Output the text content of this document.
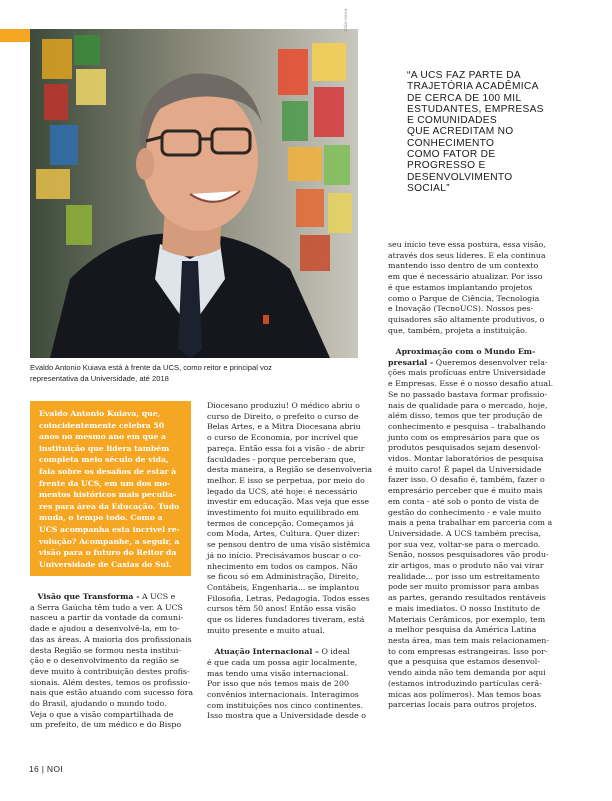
JOÃO NIHUL
Evaldo Antonio Kuiava está à frente da UCS, como reitor e principal voz
representativa da Universidade, até 2018
“A UCS FAZ PARTE DA
TRAJETÓRIA ACADÊMICA
DE CERCA DE 100 MIL
ESTUDANTES, EMPRESAS
E COMUNIDADES
QUE ACREDITAM NO
CONHECIMENTO
COMO FATOR DE
PROGRESSO E
DESENVOLVIMENTO
SOCIAL”
Evaldo Antonio Kuiava, que,
coincidentemente celebra 50
anos no mesmo ano em que a
instituição que lidera também
completa meio século de vida,
fala sobre os desafios de estar à
frente da UCS, em um dos mo-
mentos históricos mais peculia-
res para área da Educação. Tudo
muda, o tempo todo. Como a
UCS acompanha esta incrível re-
volução? Acompanhe, a seguir, a
visão para o futuro do Reitor da
Universidade de Caxias do Sul.
Visão que Transforma - A UCS e
a Serra Gaúcha têm tudo a ver. A UCS
nasceu a partir da vontade da comuni-
dade e ajudou a desenvolvê-la, em to-
das as áreas. A maioria dos profissionais
desta Região se formou nesta institui-
ção e o desenvolvimento da região se
deve muito à contribuição destes profis-
sionais. Além destes, temos os profissio-
nais que estão atuando com sucesso fora
do Brasil, ajudando o mundo todo.
Veja o que a visão compartilhada de
um prefeito, de um médico e do Bispo
Diocesano produziu! O médico abriu o
curso de Direito, o prefeito o curso de
Belas Artes, e a Mitra Diocesana abriu
o curso de Economia, por incrível que
pareça. Então essa foi a visão - de abrir
faculdades - porque perceberam que,
desta maneira, a Região se desenvolveria
melhor. E isso se perpetua, por meio do
legado da UCS, até hoje: é necessário
investir em educação. Mas veja que esse
investimento foi muito equilibrado em
termos de concepção. Começamos já
com Moda, Artes, Cultura. Quer dizer:
se pensou dentro de uma visão sistêmica
já no início. Precisávamos buscar o co-
nhecimento em todos os campos. Não
se ficou só em Administração, Direito,
Contábeis, Engenharia... se implantou
Filosofia, Letras, Pedagogia. Todos esses
cursos têm 50 anos! Então essa visão
que os líderes fundadores tiveram, está
muito presente e muito atual.
Atuação Internacional – O ideal
é que cada um possa agir localmente,
mas tendo uma visão internacional.
Por isso que nós temos mais de 200
convênios internacionais. Interagimos
com instituições nos cinco continentes.
Isso mostra que a Universidade desde o
seu início teve essa postura, essa visão,
através dos seus líderes. E ela continua
mantendo isso dentro de um contexto
em que é necessário atualizar. Por isso
é que estamos implantando projetos
como o Parque de Ciência, Tecnologia
e Inovação (TecnoUCS). Nossos pes-
quisadores são altamente produtivos, o
que, também, projeta a instituição.
Aproximação com o Mundo Em-
presarial - Queremos desenvolver rela-
ções mais profícuas entre Universidade
e Empresas. Esse é o nosso desafio atual.
Se no passado bastava formar profissio-
nais de qualidade para o mercado, hoje,
além disso, temos que ter produção de
conhecimento e pesquisa – trabalhando
junto com os empresários para que os
produtos pesquisados sejam desenvol-
vidos. Montar laboratórios de pesquisa
é muito caro! É papel da Universidade
fazer isso. O desafio é, também, fazer o
empresário perceber que é muito mais
em conta - até sob o ponto de vista de
gestão do conhecimento - e vale muito
mais a pena trabalhar em parceria com a
Universidade. A UCS também precisa,
por sua vez, voltar-se para o mercado.
Senão, nossos pesquisadores vão produ-
zir artigos, mas o produto não vai virar
realidade... por isso um estreitamento
pode ser muito promissor para ambas
as partes, gerando resultados rentáveis
e mais imediatos. O nosso Instituto de
Materiais Cerâmicos, por exemplo, tem
a melhor pesquisa da América Latina
nesta área, mas tem mais relacionamen-
to com empresas estrangeiras. Isso por-
que a pesquisa que estamos desenvol-
vendo ainda não tem demanda por aqui
(estamos introduzindo partículas cerâ-
micas aos polímeros). Mas temos boas
parcerias locais para outros projetos.
16 | NOI
